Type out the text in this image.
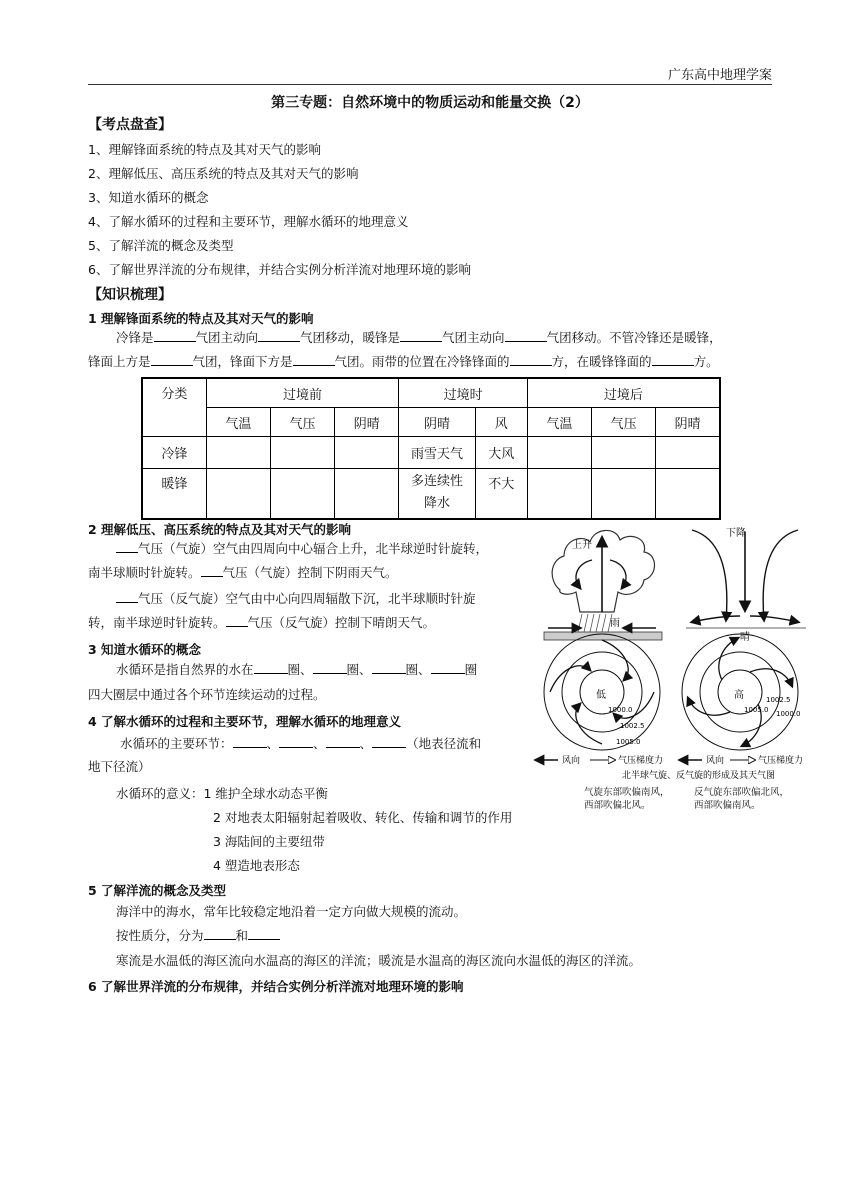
广东高中地理学案
第三专题：自然环境中的物质运动和能量交换（2）
【考点盘查】
1、理解锋面系统的特点及其对天气的影响
2、理解低压、高压系统的特点及其对天气的影响
3、知道水循环的概念
4、了解水循环的过程和主要环节，理解水循环的地理意义
5、了解洋流的概念及类型
6、了解世界洋流的分布规律，并结合实例分析洋流对地理环境的影响
【知识梳理】
1 理解锋面系统的特点及其对天气的影响
冷锋是	气团主动向	气团移动，暖锋是	气团主动向	气团移动。不管冷锋还是暖锋，
锋面上方是	气团，锋面下方是	气团。雨带的位置在冷锋锋面的	方，在暖锋锋面的	方。
分类	过境前			过境时		过境后		
	气温	气压	阴晴	阴晴	风	气温	气压	阴晴
冷锋				雨雪天气	大风			
暖锋				多连续性降水	不大			
2 理解低压、高压系统的特点及其对天气的影响
气压（气旋）空气由四周向中心辐合上升，北半球逆时针旋转，
南半球顺时针旋转。 气压（气旋）控制下阴雨天气。
气压（反气旋）空气由中心向四周辐散下沉，北半球顺时针旋
转，南半球逆时针旋转。 气压（反气旋）控制下晴朗天气。
3 知道水循环的概念
水循环是指自然界的水在	圈、	圈、	圈、	圈
四大圈层中通过各个环节连续运动的过程。
4 了解水循环的过程和主要环节，理解水循环的地理意义
水循环的主要环节：	、	、	、	（地表径流和
地下径流）
水循环的意义：1 维护全球水动态平衡
2 对地表太阳辐射起着吸收、转化、传输和调节的作用
3 海陆间的主要纽带
4 塑造地表形态
5 了解洋流的概念及类型
海洋中的海水，常年比较稳定地沿着一定方向做大规模的流动。
按性质分，分为	和
寒流是水温低的海区流向水温高的海区的洋流；暖流是水温高的海区流向水温低的海区的洋流。
6 了解世界洋流的分布规律，并结合实例分析洋流对地理环境的影响
上升
雨
下降
晴
低
1000.0
1002.5
1005.0
高
1005.0
1002.5
1000.0
风向	气压梯度力	风向	气压梯度力
北半球气旋、反气旋的形成及其天气图
气旋东部吹偏南风，
西部吹偏北风。
反气旋东部吹偏北风，
西部吹偏南风。
